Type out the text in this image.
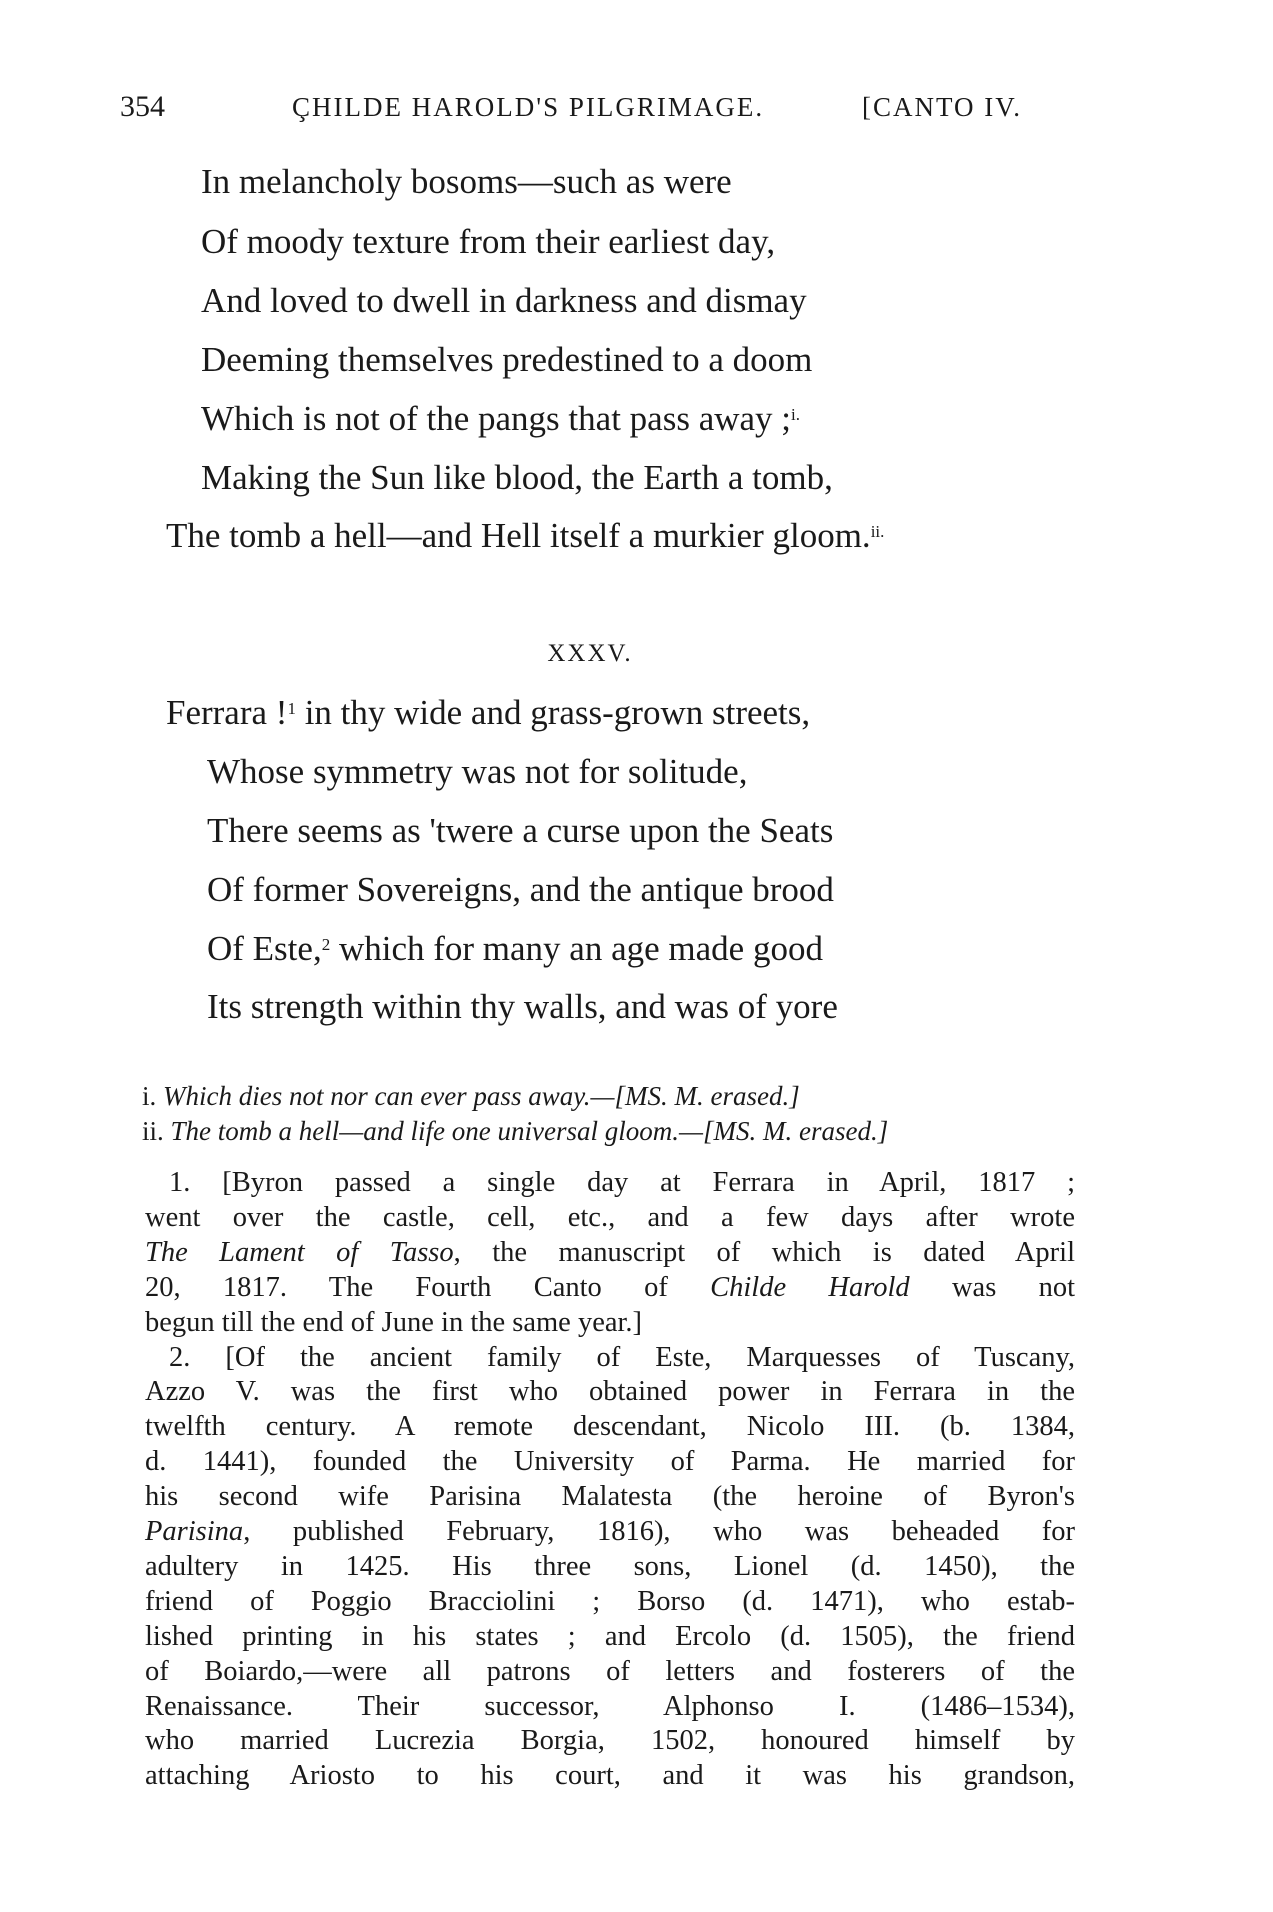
354	ÇHILDE HAROLD'S PILGRIMAGE.	[CANTO IV.
In melancholy bosoms—such as were
Of moody texture from their earliest day,
And loved to dwell in darkness and dismay
Deeming themselves predestined to a doom
Which is not of the pangs that pass away ;$^{i.}$
Making the Sun like blood, the Earth a tomb,
The tomb a hell—and Hell itself a murkier gloom.$^{ii.}$
XXXV.
Ferrara !$^1$ in thy wide and grass-grown streets,
Whose symmetry was not for solitude,
There seems as 'twere a curse upon the Seats
Of former Sovereigns, and the antique brood
Of Este,$^2$ which for many an age made good
Its strength within thy walls, and was of yore
i. Which dies not nor can ever pass away.—[MS. M. erased.]
ii. The tomb a hell—and life one universal gloom.—[MS. M. erased.]
1. [Byron passed a single day at Ferrara in April, 1817 ;
went over the castle, cell, etc., and a few days after wrote
The Lament of Tasso, the manuscript of which is dated April
20, 1817. The Fourth Canto of Childe Harold was not
begun till the end of June in the same year.]
2. [Of the ancient family of Este, Marquesses of Tuscany,
Azzo V. was the first who obtained power in Ferrara in the
twelfth century. A remote descendant, Nicolo III. (b. 1384,
d. 1441), founded the University of Parma. He married for
his second wife Parisina Malatesta (the heroine of Byron's
Parisina, published February, 1816), who was beheaded for
adultery in 1425. His three sons, Lionel (d. 1450), the
friend of Poggio Bracciolini ; Borso (d. 1471), who estab-
lished printing in his states ; and Ercolo (d. 1505), the friend
of Boiardo,—were all patrons of letters and fosterers of the
Renaissance. Their successor, Alphonso I. (1486–1534),
who married Lucrezia Borgia, 1502, honoured himself by
attaching Ariosto to his court, and it was his grandson,
